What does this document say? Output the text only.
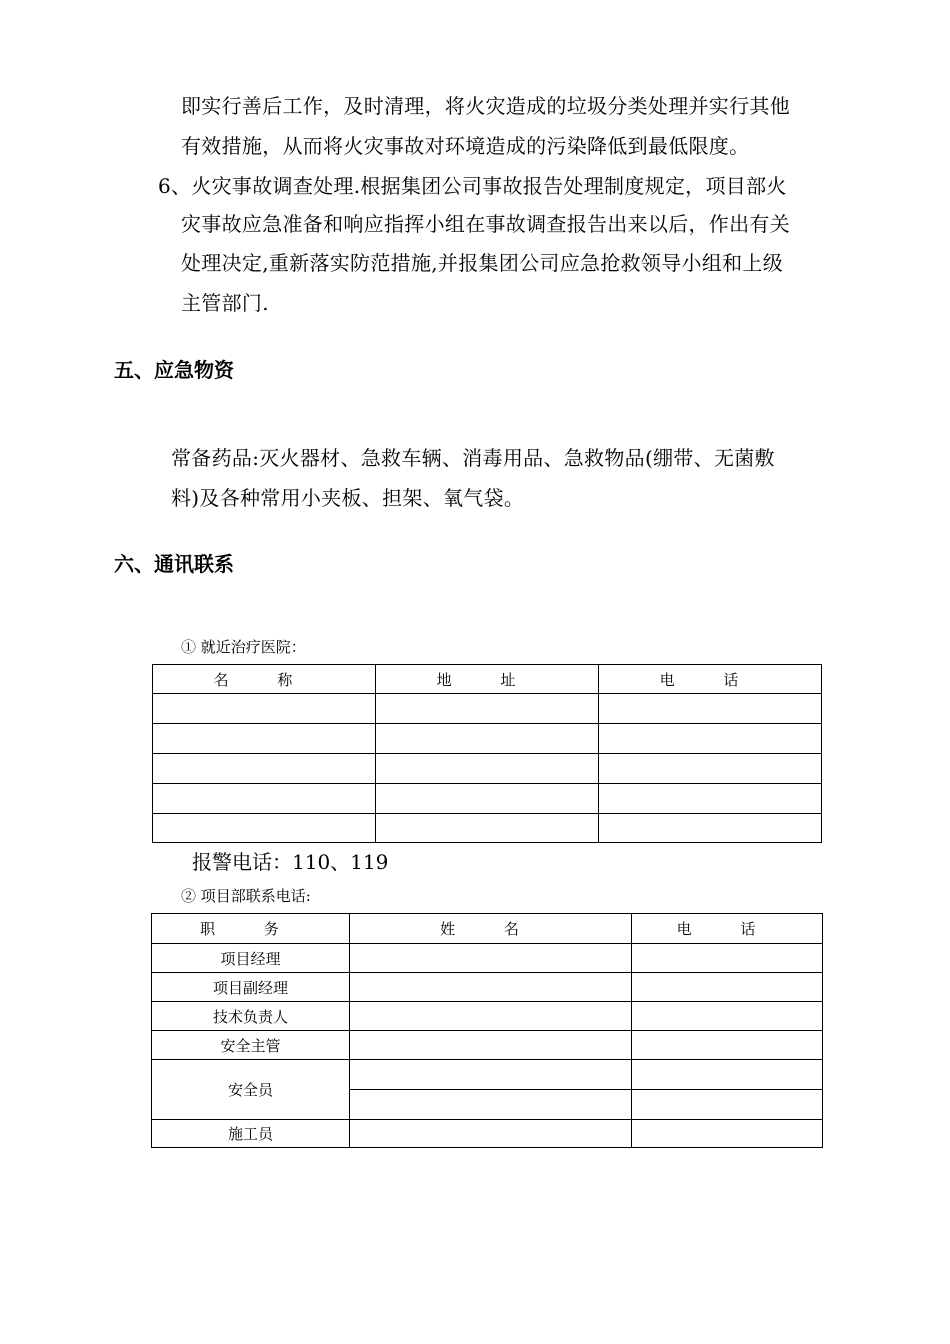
即实行善后工作，及时清理，将火灾造成的垃圾分类处理并实行其他
有效措施，从而将火灾事故对环境造成的污染降低到最低限度。
6、火灾事故调查处理.根据集团公司事故报告处理制度规定，项目部火
灾事故应急准备和响应指挥小组在事故调查报告出来以后，作出有关
处理决定,重新落实防范措施,并报集团公司应急抢救领导小组和上级
主管部门.
五、应急物资
常备药品:灭火器材、急救车辆、消毒用品、急救物品(绷带、无菌敷
料)及各种常用小夹板、担架、氧气袋。
六、通讯联系
① 就近治疗医院：
名 称	地 址	电 话

报警电话：110、119
② 项目部联系电话:
职 务	姓 名	电 话
项目经理		
项目副经理		
技术负责人		
安全主管		
安全员		

施工员		
